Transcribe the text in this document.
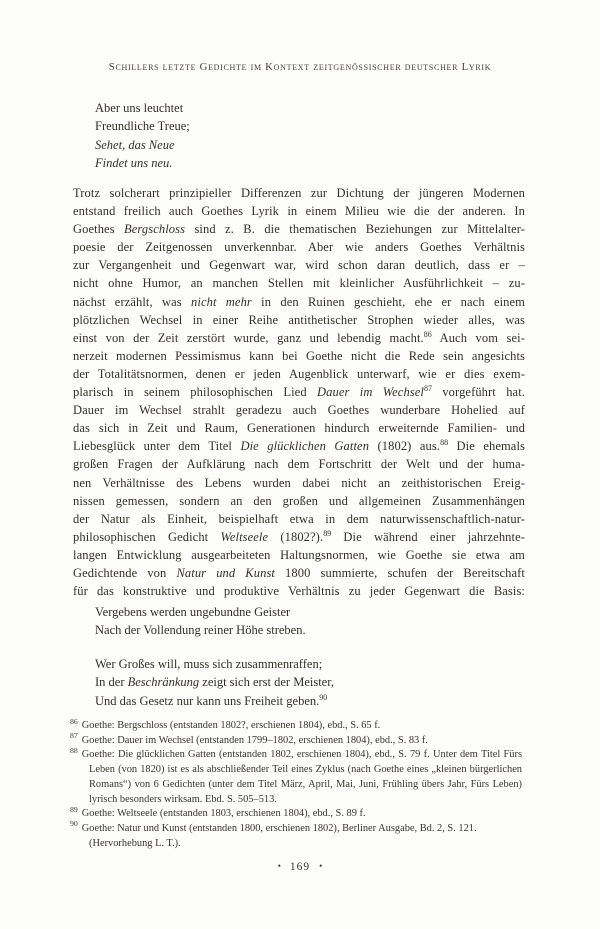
Schillers letzte Gedichte im Kontext zeitgenössischer deutscher Lyrik
Aber uns leuchtet
Freundliche Treue;
Sehet, das Neue
Findet uns neu.
Trotz solcherart prinzipieller Differenzen zur Dichtung der jüngeren Modernen
entstand freilich auch Goethes Lyrik in einem Milieu wie die der anderen. In
Goethes Bergschloss sind z. B. die thematischen Beziehungen zur Mittelalter-
poesie der Zeitgenossen unverkennbar. Aber wie anders Goethes Verhältnis
zur Vergangenheit und Gegenwart war, wird schon daran deutlich, dass er –
nicht ohne Humor, an manchen Stellen mit kleinlicher Ausführlichkeit – zu-
nächst erzählt, was nicht mehr in den Ruinen geschieht, ehe er nach einem
plötzlichen Wechsel in einer Reihe antithetischer Strophen wieder alles, was
einst von der Zeit zerstört wurde, ganz und lebendig macht.$^{86}$ Auch vom sei-
nerzeit modernen Pessimismus kann bei Goethe nicht die Rede sein angesichts
der Totalitätsnormen, denen er jeden Augenblick unterwarf, wie er dies exem-
plarisch in seinem philosophischen Lied Dauer im Wechsel$^{87}$ vorgeführt hat.
Dauer im Wechsel strahlt geradezu auch Goethes wunderbare Hohelied auf
das sich in Zeit und Raum, Generationen hindurch erweiternde Familien- und
Liebesglück unter dem Titel Die glücklichen Gatten (1802) aus.$^{88}$ Die ehemals
großen Fragen der Aufklärung nach dem Fortschritt der Welt und der huma-
nen Verhältnisse des Lebens wurden dabei nicht an zeithistorischen Ereig-
nissen gemessen, sondern an den großen und allgemeinen Zusammenhängen
der Natur als Einheit, beispielhaft etwa in dem naturwissenschaftlich-natur-
philosophischen Gedicht Weltseele (1802?).$^{89}$ Die während einer jahrzehnte-
langen Entwicklung ausgearbeiteten Haltungsnormen, wie Goethe sie etwa am
Gedichtende von Natur und Kunst 1800 summierte, schufen der Bereitschaft
für das konstruktive und produktive Verhältnis zu jeder Gegenwart die Basis:
Vergebens werden ungebundne Geister
Nach der Vollendung reiner Höhe streben.
Wer Großes will, muss sich zusammenraffen;
In der Beschränkung zeigt sich erst der Meister,
Und das Gesetz nur kann uns Freiheit geben.$^{90}$
$^{86}$ Goethe: Bergschloss (entstanden 1802?, erschienen 1804), ebd., S. 65 f.
$^{87}$ Goethe: Dauer im Wechsel (entstanden 1799–1802, erschienen 1804), ebd., S. 83 f.
$^{88}$ Goethe: Die glücklichen Gatten (entstanden 1802, erschienen 1804), ebd., S. 79 f. Unter dem Titel Fürs Leben (von 1820) ist es als abschließender Teil eines Zyklus (nach Goethe eines „kleinen bürgerlichen Romans“) von 6 Gedichten (unter dem Titel März, April, Mai, Juni, Frühling übers Jahr, Fürs Leben) lyrisch besonders wirksam. Ebd. S. 505–513.
$^{89}$ Goethe: Weltseele (entstanden 1803, erschienen 1804), ebd., S. 89 f.
$^{90}$ Goethe: Natur und Kunst (entstanden 1800, erschienen 1802), Berliner Ausgabe, Bd. 2, S. 121.
(Hervorhebung L. T.).
• 169 •
